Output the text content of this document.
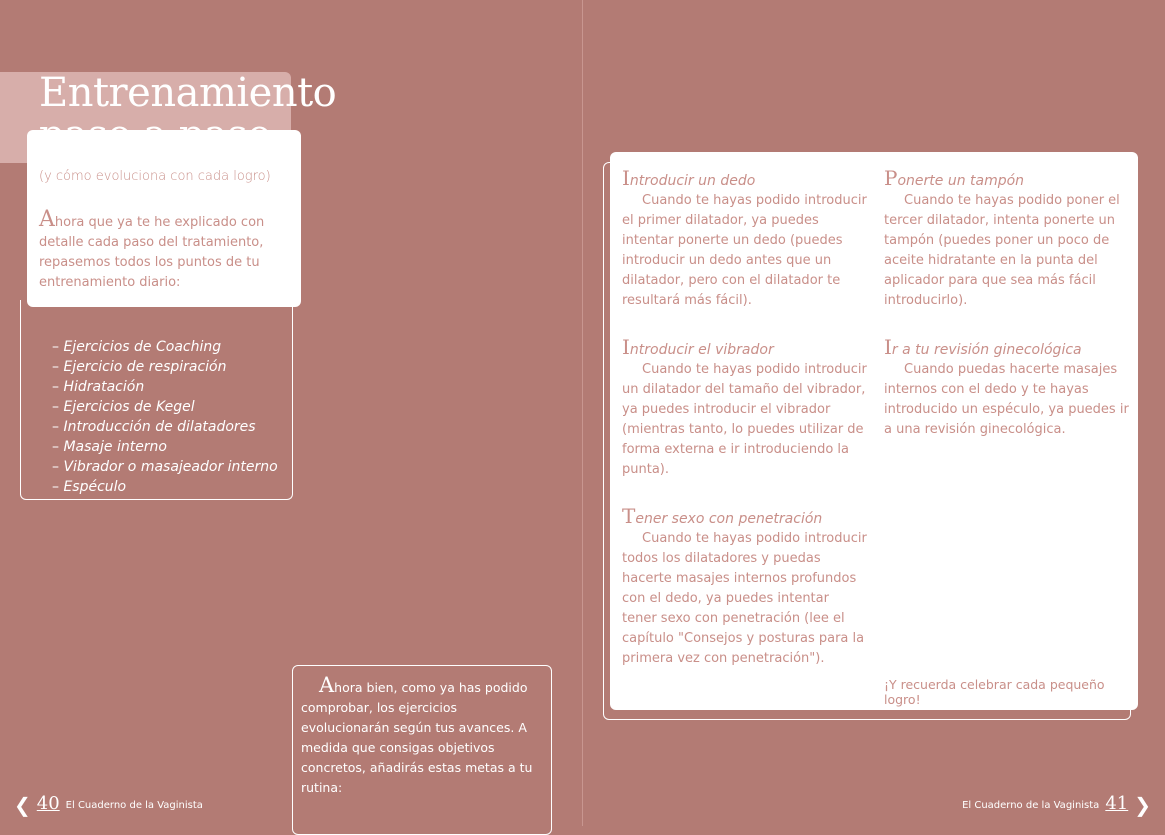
Entrenamiento paso a paso
(y cómo evoluciona con cada logro)
Ahora que ya te he explicado con detalle cada paso del tratamiento, repasemos todos los puntos de tu entrenamiento diario:
– Ejercicios de Coaching
– Ejercicio de respiración
– Hidratación
– Ejercicios de Kegel
– Introducción de dilatadores
– Masaje interno
– Vibrador o masajeador interno
– Espéculo
Ahora bien, como ya has podido comprobar, los ejercicios evolucionarán según tus avances. A medida que consigas objetivos concretos, añadirás estas metas a tu rutina:
❮ 40 El Cuaderno de la Vaginista
Introducir un dedo

Cuando te hayas podido introducir el primer dilatador, ya puedes intentar ponerte un dedo (puedes introducir un dedo antes que un dilatador, pero con el dilatador te resultará más fácil).

Ponerte un tampón

Cuando te hayas podido poner el tercer dilatador, intenta ponerte un tampón (puedes poner un poco de aceite hidratante en la punta del aplicador para que sea más fácil introducirlo).

Introducir el vibrador

Cuando te hayas podido introducir un dilatador del tamaño del vibrador, ya puedes introducir el vibrador (mientras tanto, lo puedes utilizar de forma externa e ir introduciendo la punta).

Ir a tu revisión ginecológica

Cuando puedas hacerte masajes internos con el dedo y te hayas introducido un espéculo, ya puedes ir a una revisión ginecológica.

Tener sexo con penetración

Cuando te hayas podido introducir todos los dilatadores y puedas hacerte masajes internos profundos con el dedo, ya puedes intentar tener sexo con penetración (lee el capítulo "Consejos y posturas para la primera vez con penetración").

¡Y recuerda celebrar cada pequeño logro!
El Cuaderno de la Vaginista 41 ❯
